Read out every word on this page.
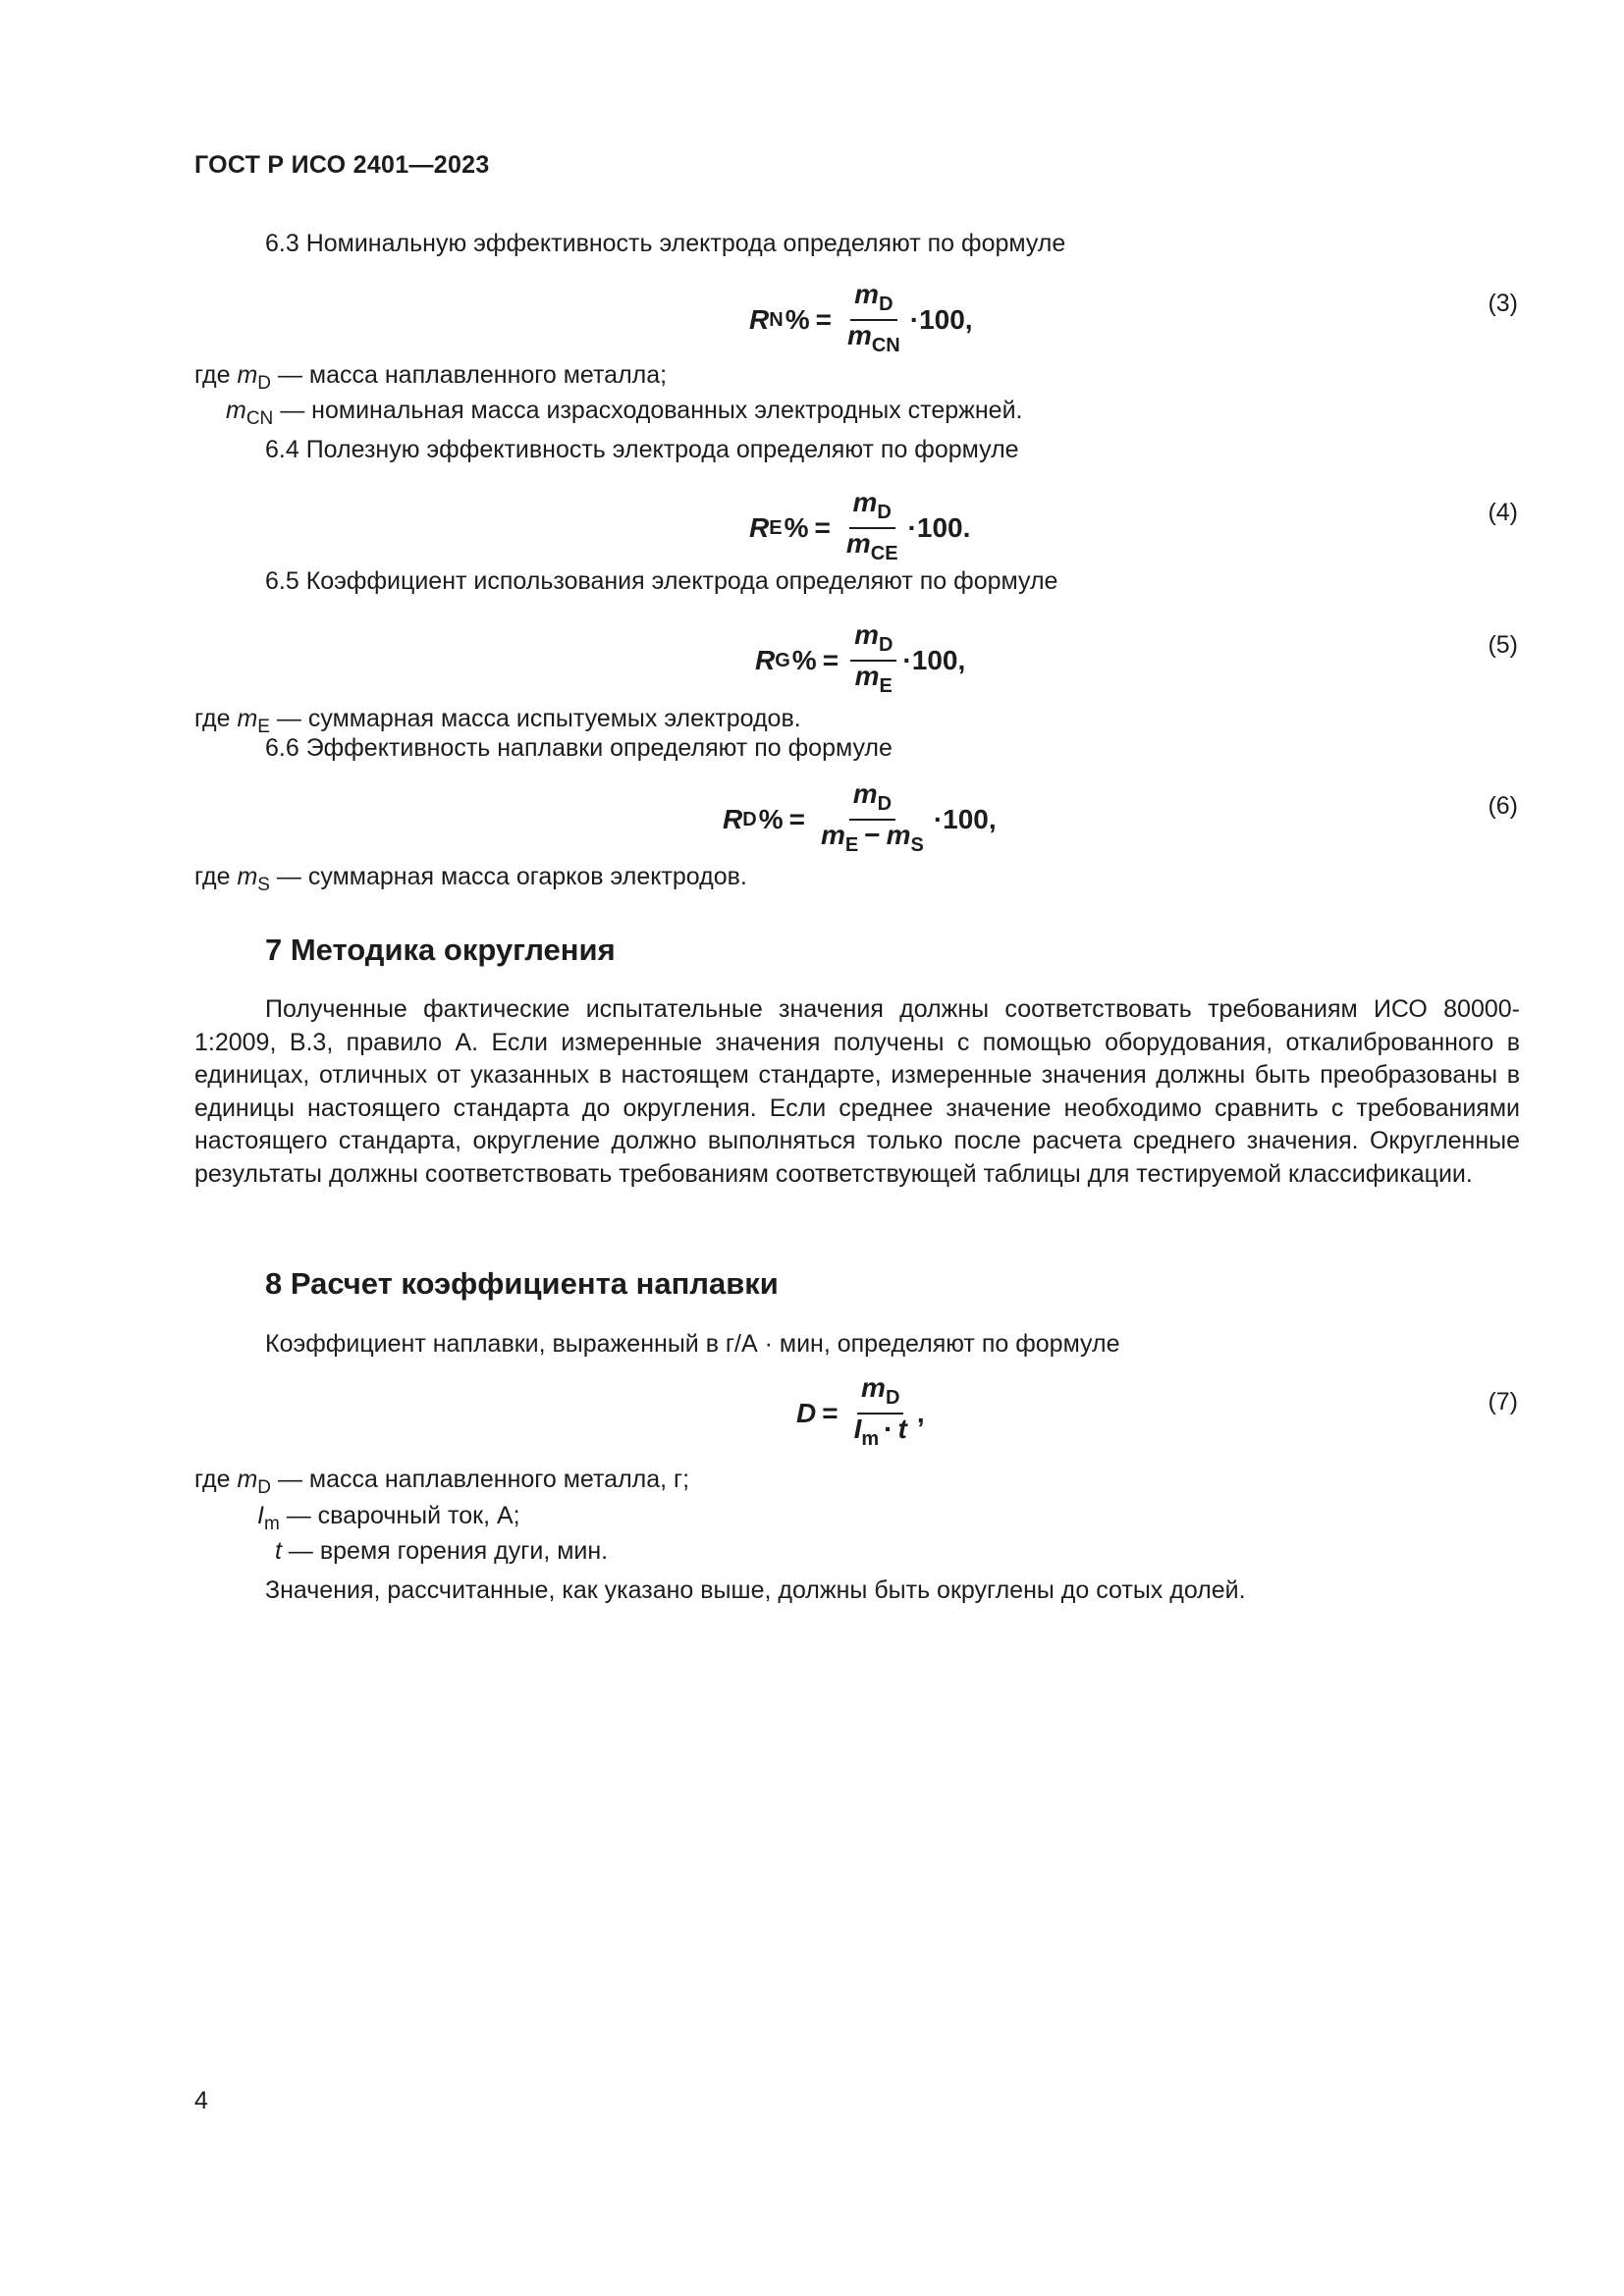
ГОСТ Р ИСО 2401—2023
6.3 Номинальную эффективность электрода определяют по формуле
R N % = $\frac{m_D}{m_{CN}} \cdot 100$,
(3)
где $m_D$ — масса наплавленного металла;
$m_{CN}$ — номинальная масса израсходованных электродных стержней.
6.4 Полезную эффективность электрода определяют по формуле
R E % = $\frac{m_D}{m_{CE}} \cdot 100$.	(4)
6.5 Коэффициент использования электрода определяют по формуле
R G % = $\frac{m_D}{m_E} \cdot 100$,	(5)
где $m_E$ — суммарная масса испытуемых электродов.
6.6 Эффективность наплавки определяют по формуле
R D % = $\frac{m_D}{m_E - m_S} \cdot 100$,	(6)
где $m_S$ — суммарная масса огарков электродов.
7 Методика округления
Полученные фактические испытательные значения должны соответствовать требованиям ИСО 80000-1:2009, B.3, правило А. Если измеренные значения получены с помощью оборудования, откалиброванного в единицах, отличных от указанных в настоящем стандарте, измеренные значения должны быть преобразованы в единицы настоящего стандарта до округления. Если среднее значение необходимо сравнить с требованиями настоящего стандарта, округление должно выполняться только после расчета среднего значения. Округленные результаты должны соответствовать требованиям соответствующей таблицы для тестируемой классификации.
8 Расчет коэффициента наплавки
Коэффициент наплавки, выраженный в г/А · мин, определяют по формуле
$D = \frac{m_D}{I_m \cdot t}$ ,	(7)
где $m_D$ — масса наплавленного металла, г;
$I_m$ — сварочный ток, А;
t — время горения дуги, мин.
Значения, рассчитанные, как указано выше, должны быть округлены до сотых долей.
4
